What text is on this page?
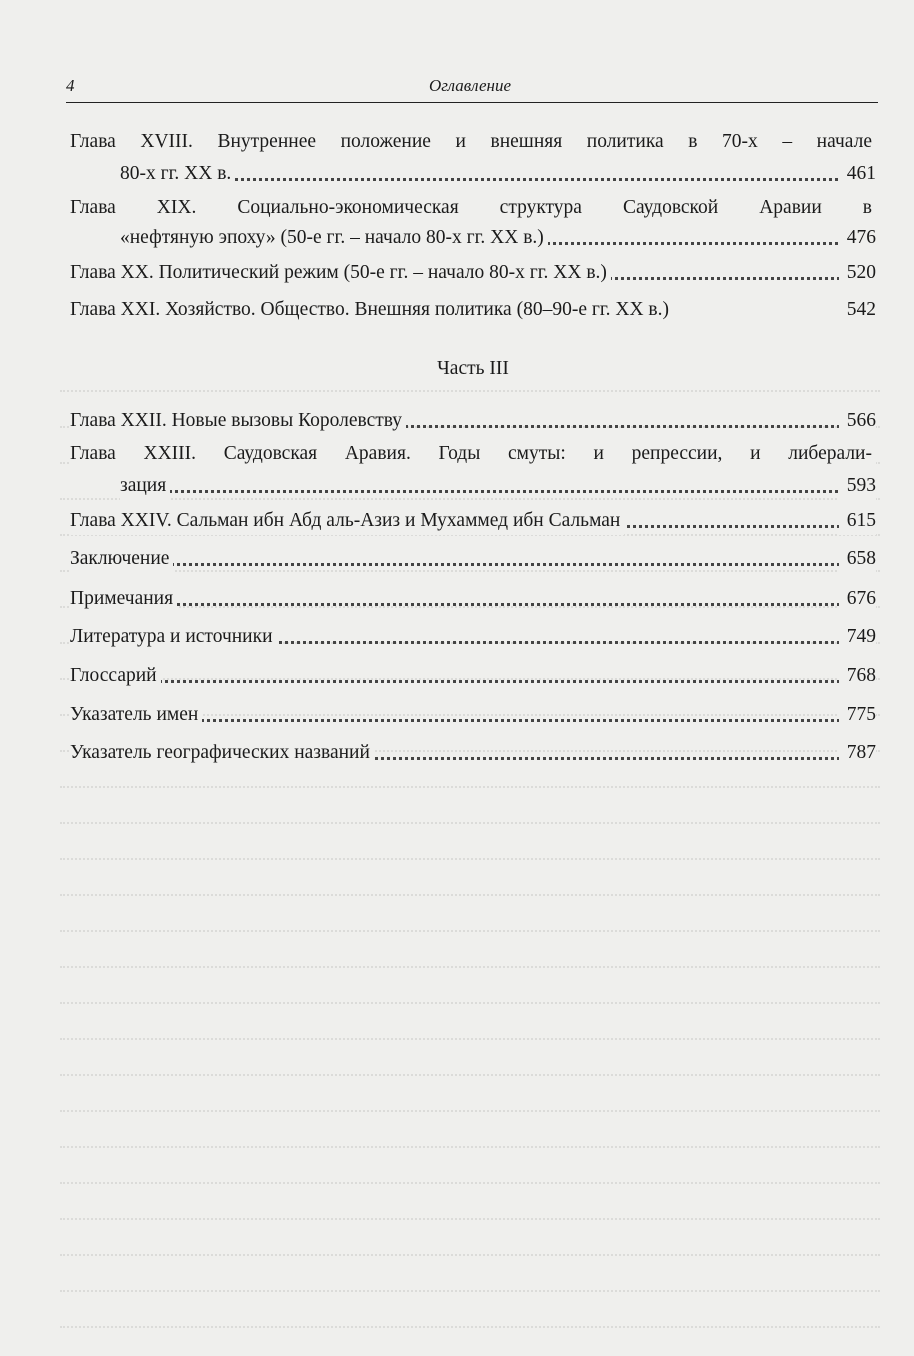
4	Оглавление
Глава XVIII. Внутреннее положение и внешняя политика в 70-х – начале
80-х гг. XX в.	461
Глава XIX. Социально-экономическая структура Саудовской Аравии в
«нефтяную эпоху» (50-е гг. – начало 80-х гг. XX в.)	476
Глава XX. Политический режим (50-е гг. – начало 80-х гг. XX в.)	520
Глава XXI. Хозяйство. Общество. Внешняя политика (80–90-е гг. XX в.)	542
Часть III
Глава XXII. Новые вызовы Королевству	566
Глава XXIII. Саудовская Аравия. Годы смуты: и репрессии, и либерали-
зация	593
Глава XXIV. Сальман ибн Абд аль-Азиз и Мухаммед ибн Сальман	615
Заключение	658
Примечания	676
Литература и источники	749
Глоссарий	768
Указатель имен	775
Указатель географических названий	787
